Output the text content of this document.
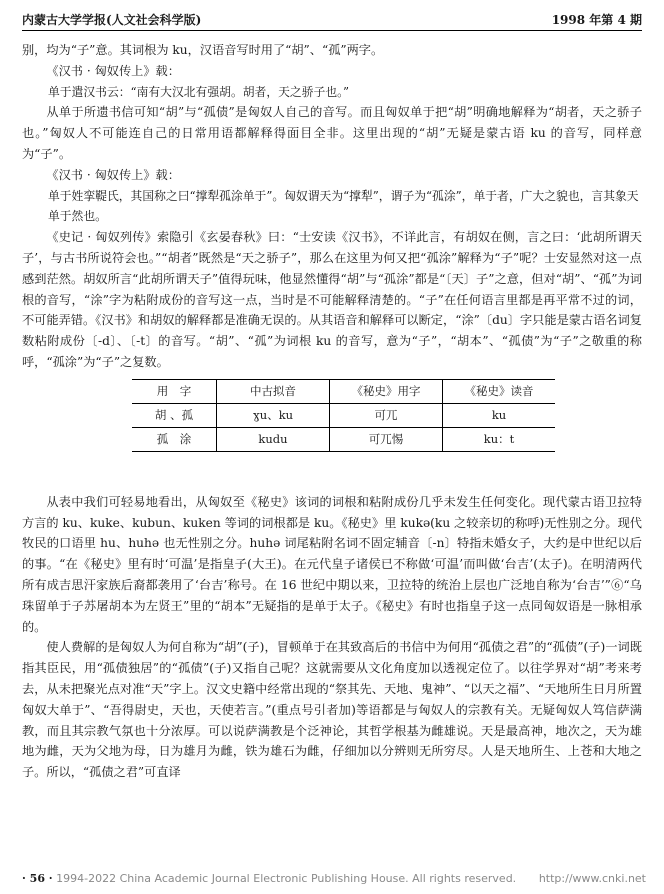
内蒙古大学学报(人文社会科学版)	1998 年第 4 期

别，均为“子”意。其词根为 ku，汉语音写时用了“胡”、“孤”两字。

《汉书 · 匈奴传上》载：

单于遣汉书云：“南有大汉北有强胡。胡者，天之骄子也。”

从单于所遗书信可知“胡”与“孤债”是匈奴人自己的音写。而且匈奴单于把“胡”明确地解释为“胡者，天之骄子也。”匈奴人不可能连自己的日常用语都解释得面目全非。这里出现的“胡”无疑是蒙古语 ku 的音写，同样意为“子”。

《汉书 · 匈奴传上》载：

单于姓挛鞮氏，其国称之曰“撑犁孤涂单于”。匈奴谓天为“撑犁”，谓子为“孤涂”，单于者，广大之貌也，言其象天单于然也。

《史记 · 匈奴列传》索隐引《玄晏春秋》曰：“士安读《汉书》，不详此言，有胡奴在侧，言之曰：‘此胡所谓天子’，与古书所说符会也。”“胡者”既然是“天之骄子”，那么在这里为何又把“孤涂”解释为“子”呢？士安显然对这一点感到茫然。胡奴所言“此胡所谓天子”值得玩味，他显然懂得“胡”与“孤涂”都是“〔天〕子”之意，但对“胡”、“孤”为词根的音写，“涂”字为粘附成份的音写这一点，当时是不可能解释清楚的。“子”在任何语言里都是再平常不过的词，不可能弄错。《汉书》和胡奴的解释都是准确无误的。从其语音和解释可以断定，“涂”〔du〕字只能是蒙古语名词复数粘附成份〔-d〕、〔-t〕的音写。“胡”、“孤”为词根 ku 的音写，意为“子”，“胡本”、“孤债”为“子”之敬重的称呼，“孤涂”为“子”之复数。

用　字	中古拟音	《秘史》用字	《秘史》读音
胡 、孤	ɣu、ku	可兀	ku
孤　涂	kudu	可兀惕	ku：t

从表中我们可轻易地看出，从匈奴至《秘史》该词的词根和粘附成份几乎未发生任何变化。现代蒙古语卫拉特方言的 ku、kuke、kubun、kuken 等词的词根都是 ku。《秘史》里 kukə(ku 之较亲切的称呼)无性别之分。现代牧民的口语里 hu、huhə 也无性别之分。huhə 词尾粘附名词不固定辅音〔-n〕特指未婚女子，大约是中世纪以后的事。“在《秘史》里有时‘可温’是指皇子(大王)。在元代皇子诸侯已不称做‘可温’而叫做‘台吉’(太子)。在明清两代所有成吉思汗家族后裔都袭用了‘台吉’称号。在 16 世纪中期以来，卫拉特的统治上层也广泛地自称为‘台吉’”⑥“乌珠留单于子苏屠胡本为左贤王”里的“胡本”无疑指的是单于太子。《秘史》有时也指皇子这一点同匈奴语是一脉相承的。

使人费解的是匈奴人为何自称为“胡”(子)，冒顿单于在其致高后的书信中为何用“孤债之君”的“孤债”(子)一词既指其臣民，用“孤债独居”的“孤债”(子)又指自己呢？这就需要从文化角度加以透视定位了。以往学界对“胡”考来考去，从未把聚光点对准“天”字上。汉文史籍中经常出现的“祭其先、天地、鬼神”、“以天之福”、“天地所生日月所置匈奴大单于”、“吾得尉史，天也，天使若言。”(重点号引者加)等语都是与匈奴人的宗教有关。无疑匈奴人笃信萨满教，而且其宗教气氛也十分浓厚。可以说萨满教是个泛神论，其哲学根基为雌雄说。天是最高神，地次之，天为雄地为雌，天为父地为母，日为雄月为雌，铁为雄石为雌，仔细加以分辨则无所穷尽。人是天地所生、上苍和大地之子。所以，“孤债之君”可直译

· 56 · 1994-2022 China Academic Journal Electronic Publishing House. All rights reserved. http://www.cnki.net
